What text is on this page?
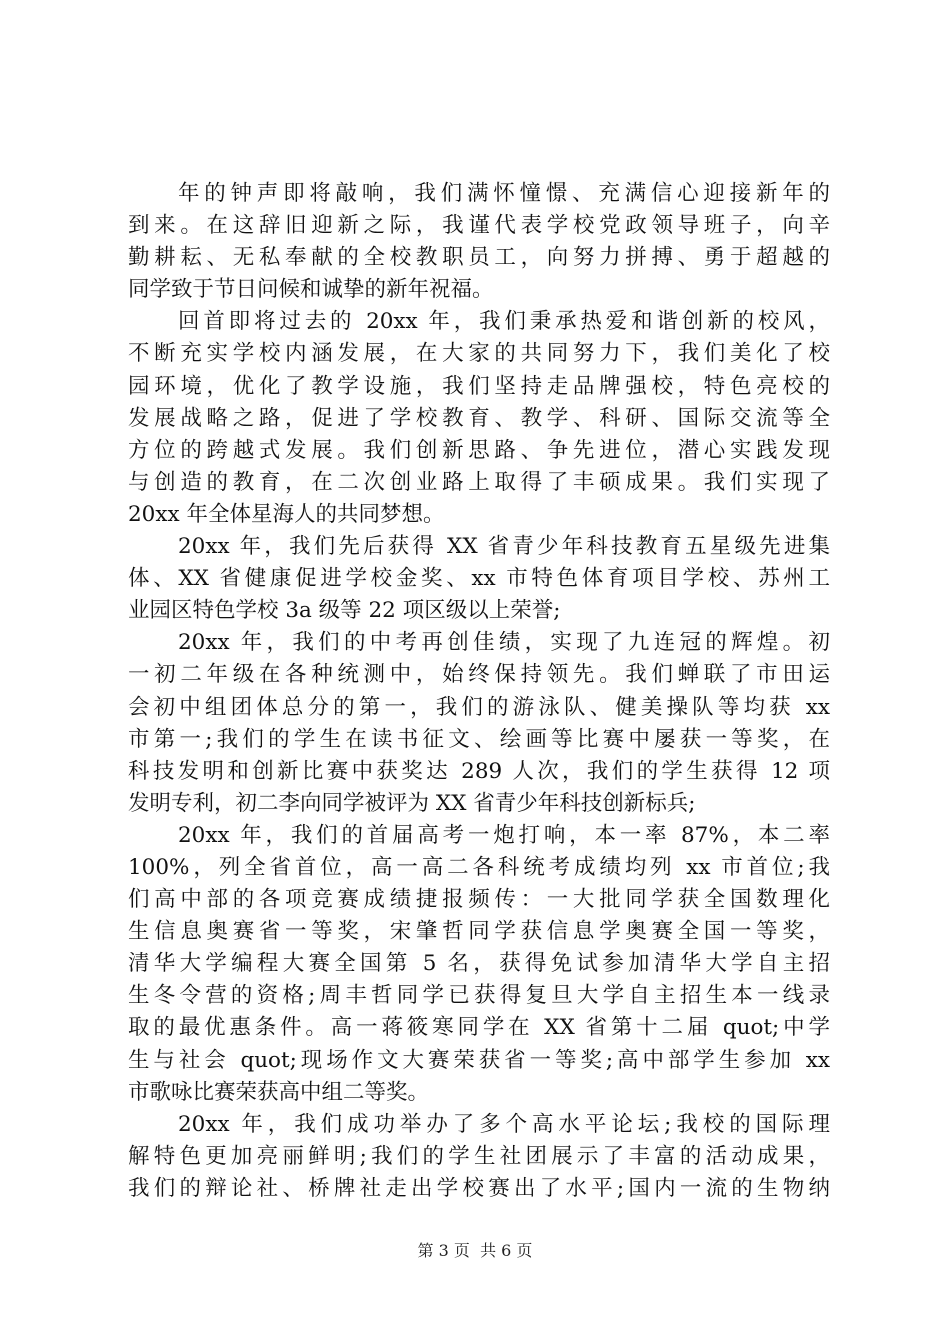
年的钟声即将敲响，我们满怀憧憬、充满信心迎接新年的
到来。在这辞旧迎新之际，我谨代表学校党政领导班子，向辛
勤耕耘、无私奉献的全校教职员工，向努力拼搏、勇于超越的
同学致于节日问候和诚挚的新年祝福。
回首即将过去的 20xx 年，我们秉承热爱和谐创新的校风，
不断充实学校内涵发展，在大家的共同努力下，我们美化了校
园环境，优化了教学设施，我们坚持走品牌强校，特色亮校的
发展战略之路，促进了学校教育、教学、科研、国际交流等全
方位的跨越式发展。我们创新思路、争先进位，潜心实践发现
与创造的教育，在二次创业路上取得了丰硕成果。我们实现了
20xx 年全体星海人的共同梦想。
20xx 年，我们先后获得 XX 省青少年科技教育五星级先进集
体、XX 省健康促进学校金奖、xx 市特色体育项目学校、苏州工
业园区特色学校 3a 级等 22 项区级以上荣誉;
20xx 年，我们的中考再创佳绩，实现了九连冠的辉煌。初
一初二年级在各种统测中，始终保持领先。我们蝉联了市田运
会初中组团体总分的第一，我们的游泳队、健美操队等均获 xx
市第一;我们的学生在读书征文、绘画等比赛中屡获一等奖，在
科技发明和创新比赛中获奖达 289 人次，我们的学生获得 12 项
发明专利，初二李向同学被评为 XX 省青少年科技创新标兵;
20xx 年，我们的首届高考一炮打响，本一率 87%，本二率
100%，列全省首位，高一高二各科统考成绩均列 xx 市首位;我
们高中部的各项竞赛成绩捷报频传：一大批同学获全国数理化
生信息奥赛省一等奖，宋肇哲同学获信息学奥赛全国一等奖，
清华大学编程大赛全国第 5 名，获得免试参加清华大学自主招
生冬令营的资格;周丰哲同学已获得复旦大学自主招生本一线录
取的最优惠条件。高一蒋筱寒同学在 XX 省第十二届 quot;中学
生与社会 quot;现场作文大赛荣获省一等奖;高中部学生参加 xx
市歌咏比赛荣获高中组二等奖。
20xx 年，我们成功举办了多个高水平论坛;我校的国际理
解特色更加亮丽鲜明;我们的学生社团展示了丰富的活动成果，
我们的辩论社、桥牌社走出学校赛出了水平;国内一流的生物纳
第 3 页  共 6 页
